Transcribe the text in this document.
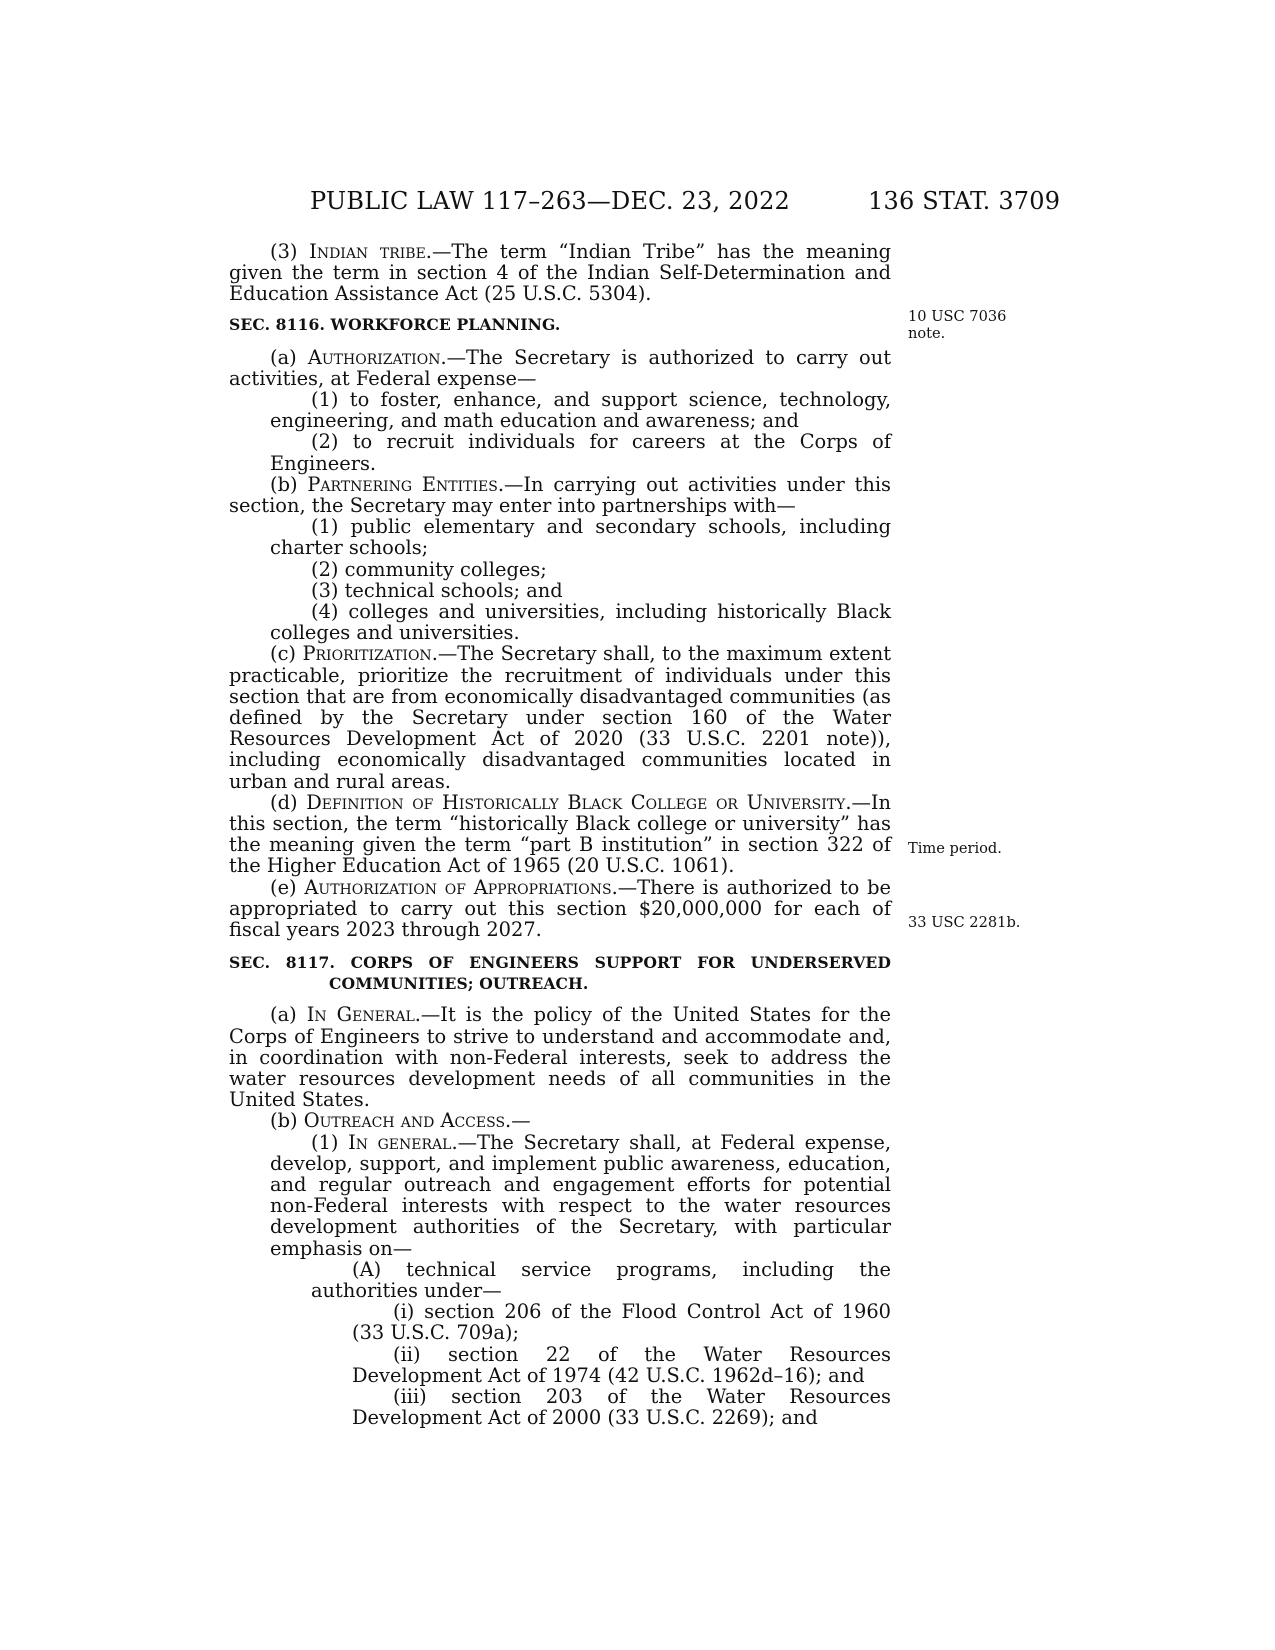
PUBLIC LAW 117–263—DEC. 23, 2022	136 STAT. 3709
10 USC 7036
note.
Time period.
33 USC 2281b.

(3) Indian tribe.—The term “Indian Tribe” has the meaning given the term in section 4 of the Indian Self-Determination and Education Assistance Act (25 U.S.C. 5304).

SEC. 8116. WORKFORCE PLANNING.

(a) Authorization.—The Secretary is authorized to carry out activities, at Federal expense—

(1) to foster, enhance, and support science, technology, engineering, and math education and awareness; and

(2) to recruit individuals for careers at the Corps of Engineers.

(b) Partnering Entities.—In carrying out activities under this section, the Secretary may enter into partnerships with—

(1) public elementary and secondary schools, including charter schools;

(2) community colleges;

(3) technical schools; and

(4) colleges and universities, including historically Black colleges and universities.

(c) Prioritization.—The Secretary shall, to the maximum extent practicable, prioritize the recruitment of individuals under this section that are from economically disadvantaged communities (as defined by the Secretary under section 160 of the Water Resources Development Act of 2020 (33 U.S.C. 2201 note)), including economically disadvantaged communities located in urban and rural areas.

(d) Definition of Historically Black College or University.—In this section, the term “historically Black college or university” has the meaning given the term “part B institution” in section 322 of the Higher Education Act of 1965 (20 U.S.C. 1061).

(e) Authorization of Appropriations.—There is authorized to be appropriated to carry out this section $20,000,000 for each of fiscal years 2023 through 2027.

SEC. 8117. CORPS OF ENGINEERS SUPPORT FOR UNDERSERVED COMMUNITIES; OUTREACH.

(a) In General.—It is the policy of the United States for the Corps of Engineers to strive to understand and accommodate and, in coordination with non-Federal interests, seek to address the water resources development needs of all communities in the United States.

(b) Outreach and Access.—

(1) In general.—The Secretary shall, at Federal expense, develop, support, and implement public awareness, education, and regular outreach and engagement efforts for potential non-Federal interests with respect to the water resources development authorities of the Secretary, with particular emphasis on—

(A) technical service programs, including the authorities under—

(i) section 206 of the Flood Control Act of 1960 (33 U.S.C. 709a);

(ii) section 22 of the Water Resources Development Act of 1974 (42 U.S.C. 1962d–16); and

(iii) section 203 of the Water Resources Development Act of 2000 (33 U.S.C. 2269); and
